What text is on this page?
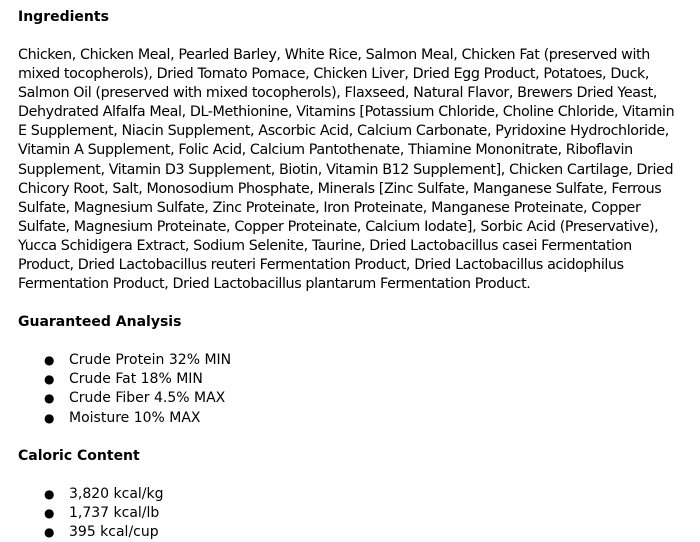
Ingredients

Chicken, Chicken Meal, Pearled Barley, White Rice, Salmon Meal, Chicken Fat (preserved with mixed tocopherols), Dried Tomato Pomace, Chicken Liver, Dried Egg Product, Potatoes, Duck, Salmon Oil (preserved with mixed tocopherols), Flaxseed, Natural Flavor, Brewers Dried Yeast, Dehydrated Alfalfa Meal, DL-Methionine, Vitamins [Potassium Chloride, Choline Chloride, Vitamin E Supplement, Niacin Supplement, Ascorbic Acid, Calcium Carbonate, Pyridoxine Hydrochloride, Vitamin A Supplement, Folic Acid, Calcium Pantothenate, Thiamine Mononitrate, Riboflavin Supplement, Vitamin D3 Supplement, Biotin, Vitamin B12 Supplement], Chicken Cartilage, Dried Chicory Root, Salt, Monosodium Phosphate, Minerals [Zinc Sulfate, Manganese Sulfate, Ferrous Sulfate, Magnesium Sulfate, Zinc Proteinate, Iron Proteinate, Manganese Proteinate, Copper Sulfate, Magnesium Proteinate, Copper Proteinate, Calcium Iodate], Sorbic Acid (Preservative), Yucca Schidigera Extract, Sodium Selenite, Taurine, Dried Lactobacillus casei Fermentation Product, Dried Lactobacillus reuteri Fermentation Product, Dried Lactobacillus acidophilus Fermentation Product, Dried Lactobacillus plantarum Fermentation Product.

Guaranteed Analysis
● Crude Protein 32% MIN
● Crude Fat 18% MIN
● Crude Fiber 4.5% MAX
● Moisture 10% MAX
Caloric Content
● 3,820 kcal/kg
● 1,737 kcal/lb
● 395 kcal/cup
